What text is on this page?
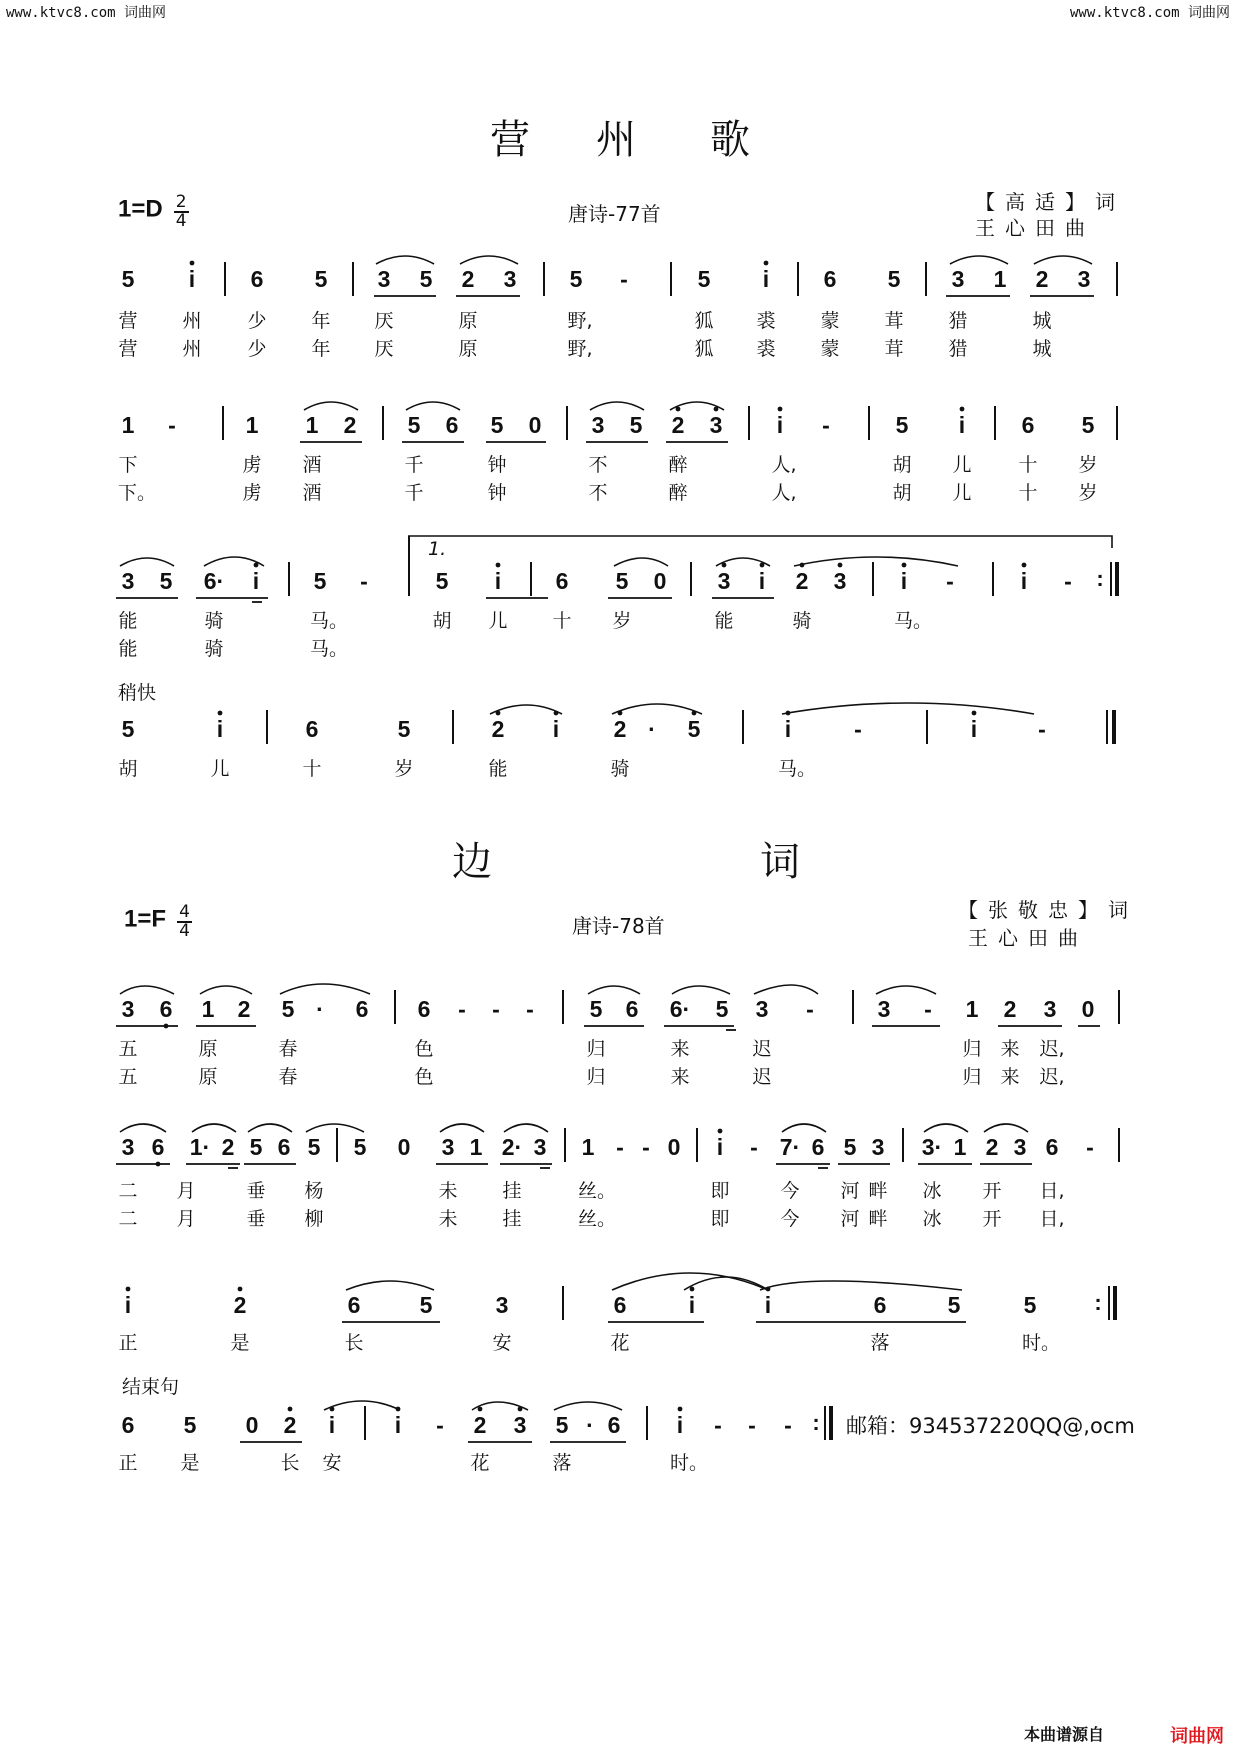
www.ktvc8.com 词曲网	www.ktvc8.com 词曲网
营 州 歌
$1=D \frac{2}{4}$	唐诗-77首	【高适】词
王心田曲
5	i	6 5 3 5 2 3 5	-	5	i	6 5 3 1 2 3
营 州 少 年 厌	原	野,	狐 裘 蒙 茸 猎	城
营 州 少 年 厌	原	野,	狐 裘 蒙 茸 猎	城
1	-	1 1 2 5 6 5 0 3 5 2 3	i	-	5	i	6 5
下	虏 酒	千	钟	不	醉	人,	胡 儿 十 岁
下。	虏 酒	千	钟	不	醉	人,	胡 儿 十 岁
1.
3 5	6·	i	5	-	5	i	6 5 0 3	i	2 3	i	-	i	-	:
能	骑	马。	胡 儿 十 岁	能	骑	马。
能	骑	马。
稍快
5	i	6	5	2	i	2 ·	5	i	-	i	-
胡	儿	十	岁	能	骑	马。
边	词
$1=F \frac{4}{4}$	唐诗-78首
【张敬忠】词
王心田曲
3 6 1 2 5 ·	6 6	-	-	-	5 6	6·	5 3	-	3	-	1 2 3 0
五	原	春	色	归	来	迟	归 来 迟,
五	原	春	色	归	来	迟	归 来 迟,
3 6	1· 2 5 6 5 5 0 3 1 2· 3 1 - - 0	i	- 7· 6 5 3	3· 1 2 3 6	-
二 月	垂 杨	未 挂	丝。	即	今 河 畔 冰 开 日,
二 月	垂 柳	未 挂	丝。	即	今 河 畔 冰 开 日,
i	2	6	5	3	6	i	i	6	5	5	:
正	是	长	安	花	落	时。
结束句
6 5 0 2	i	i	-	2 3 5 · 6	i	-	-	- :	邮箱：934537220QQ@,ocm
正 是	长 安	花	落	时。
本曲谱源自	词曲网
